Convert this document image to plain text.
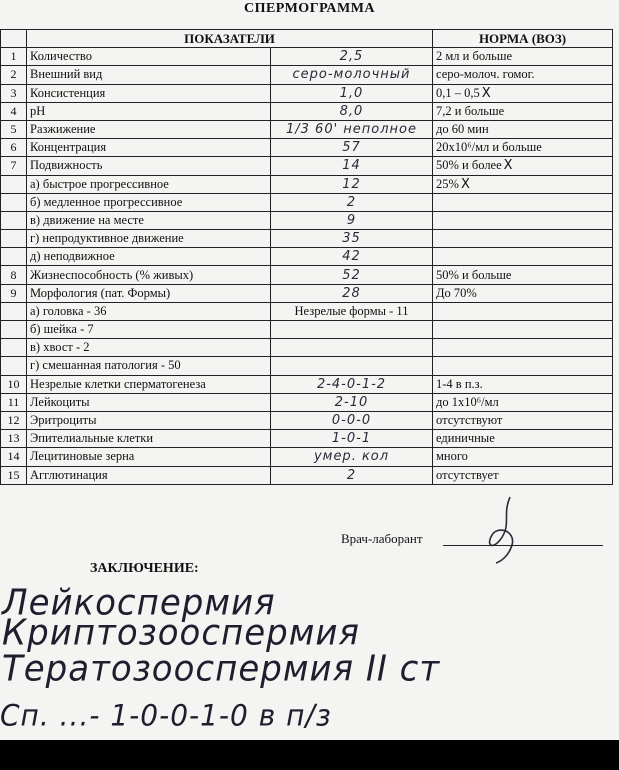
СПЕРМОГРАММА
	ПОКАЗАТЕЛИ		НОРМА (ВОЗ)
1	Количество	2,5	2 мл и больше
2	Внешний вид	серо-молочный	серо-молоч. гомог.
3	Консистенция	1,0	0,1 – 0,5 X
4	pH	8,0	7,2 и больше
5	Разжижение	1/3 60' неполное	до 60 мин
6	Концентрация	57	20x10⁶/мл и больше
7	Подвижность	14	50% и более X
	а) быстрое прогрессивное	12	25% X
	б) медленное прогрессивное	2	
	в) движение на месте	9	
	г) непродуктивное движение	35	
	д) неподвижное	42	
8	Жизнеспособность (% живых)	52	50% и больше
9	Морфология (пат. Формы)	28	До 70%
	а) головка - 36	Незрелые формы - 11	
	б) шейка - 7		
	в) хвост - 2		
	г) смешанная патология - 50		
10	Незрелые клетки сперматогенеза	2-4-0-1-2	1-4 в п.з.
11	Лейкоциты	2-10	до 1x10⁶/мл
12	Эритроциты	0-0-0	отсутствуют
13	Эпителиальные клетки	1-0-1	единичные
14	Лецитиновые зерна	умер. кол	много
15	Агглютинация	2	отсутствует
Врач-лаборант
ЗАКЛЮЧЕНИЕ:
Лейкоспермия
Криптозооспермия
Тератозооспермия II ст
Сп. ...- 1-0-0-1-0 в п/з
